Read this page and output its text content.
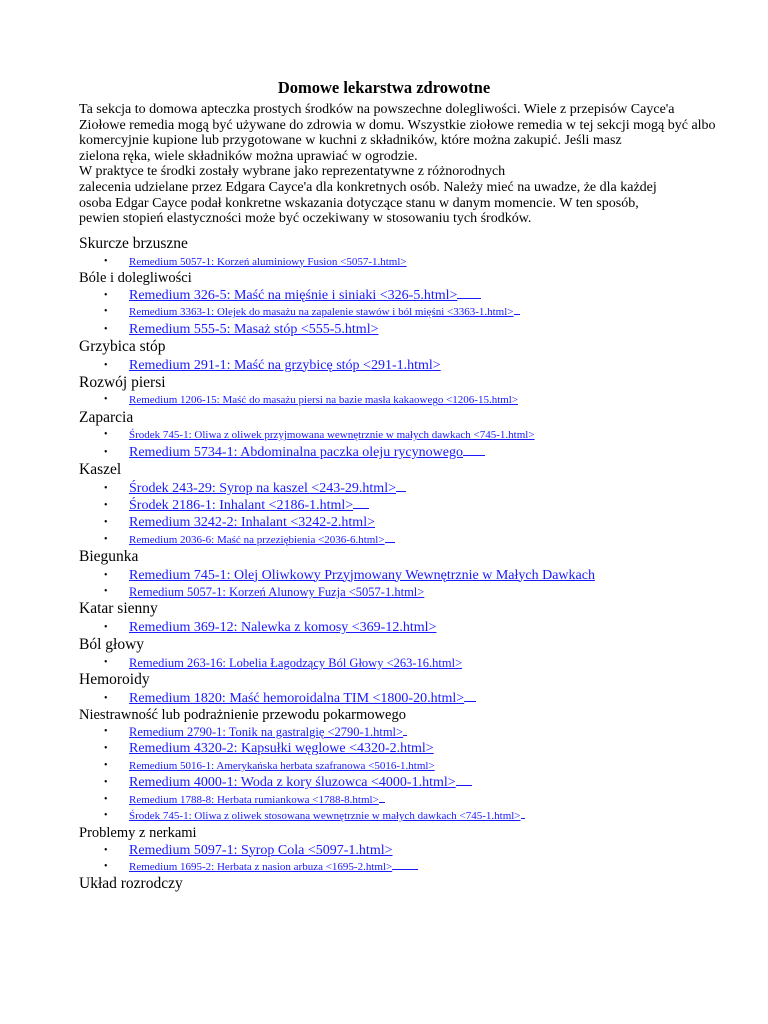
Domowe lekarstwa zdrowotne
Ta sekcja to domowa apteczka prostych środków na powszechne dolegliwości. Wiele z przepisów Cayce'a
Ziołowe remedia mogą być używane do zdrowia w domu. Wszystkie ziołowe remedia w tej sekcji mogą być albo
komercyjnie kupione lub przygotowane w kuchni z składników, które można zakupić. Jeśli masz
zielona ręka, wiele składników można uprawiać w ogrodzie.
W praktyce te środki zostały wybrane jako reprezentatywne z różnorodnych
zalecenia udzielane przez Edgara Cayce'a dla konkretnych osób. Należy mieć na uwadze, że dla każdej
osoba Edgar Cayce podał konkretne wskazania dotyczące stanu w danym momencie. W ten sposób,
pewien stopień elastyczności może być oczekiwany w stosowaniu tych środków.
Skurcze brzuszne
• Remedium 5057-1: Korzeń aluminiowy Fusion <5057-1.html>
Bóle i dolegliwości
• Remedium 326-5: Maść na mięśnie i siniaki <326-5.html>
• Remedium 3363-1: Olejek do masażu na zapalenie stawów i ból mięśni <3363-1.html>
• Remedium 555-5: Masaż stóp <555-5.html>
Grzybica stóp
• Remedium 291-1: Maść na grzybicę stóp <291-1.html>
Rozwój piersi
• Remedium 1206-15: Maść do masażu piersi na bazie masła kakaowego <1206-15.html>
Zaparcia
• Środek 745-1: Oliwa z oliwek przyjmowana wewnętrznie w małych dawkach <745-1.html>
• Remedium 5734-1: Abdominalna paczka oleju rycynowego
Kaszel
• Środek 243-29: Syrop na kaszel <243-29.html>
• Środek 2186-1: Inhalant <2186-1.html>
• Remedium 3242-2: Inhalant <3242-2.html>
• Remedium 2036-6: Maść na przeziębienia <2036-6.html>
Biegunka
• Remedium 745-1: Olej Oliwkowy Przyjmowany Wewnętrznie w Małych Dawkach
• Remedium 5057-1: Korzeń Alunowy Fuzja <5057-1.html>
Katar sienny
• Remedium 369-12: Nalewka z komosy <369-12.html>
Ból głowy
• Remedium 263-16: Lobelia Łagodzący Ból Głowy <263-16.html>
Hemoroidy
• Remedium 1820: Maść hemoroidalna TIM <1800-20.html>
Niestrawność lub podrażnienie przewodu pokarmowego
• Remedium 2790-1: Tonik na gastralgię <2790-1.html>
• Remedium 4320-2: Kapsułki węglowe <4320-2.html>
• Remedium 5016-1: Amerykańska herbata szafranowa <5016-1.html>
• Remedium 4000-1: Woda z kory śluzowca <4000-1.html>
• Remedium 1788-8: Herbata rumiankowa <1788-8.html>
• Środek 745-1: Oliwa z oliwek stosowana wewnętrznie w małych dawkach <745-1.html>
Problemy z nerkami
• Remedium 5097-1: Syrop Cola <5097-1.html>
• Remedium 1695-2: Herbata z nasion arbuza <1695-2.html>
Układ rozrodczy
